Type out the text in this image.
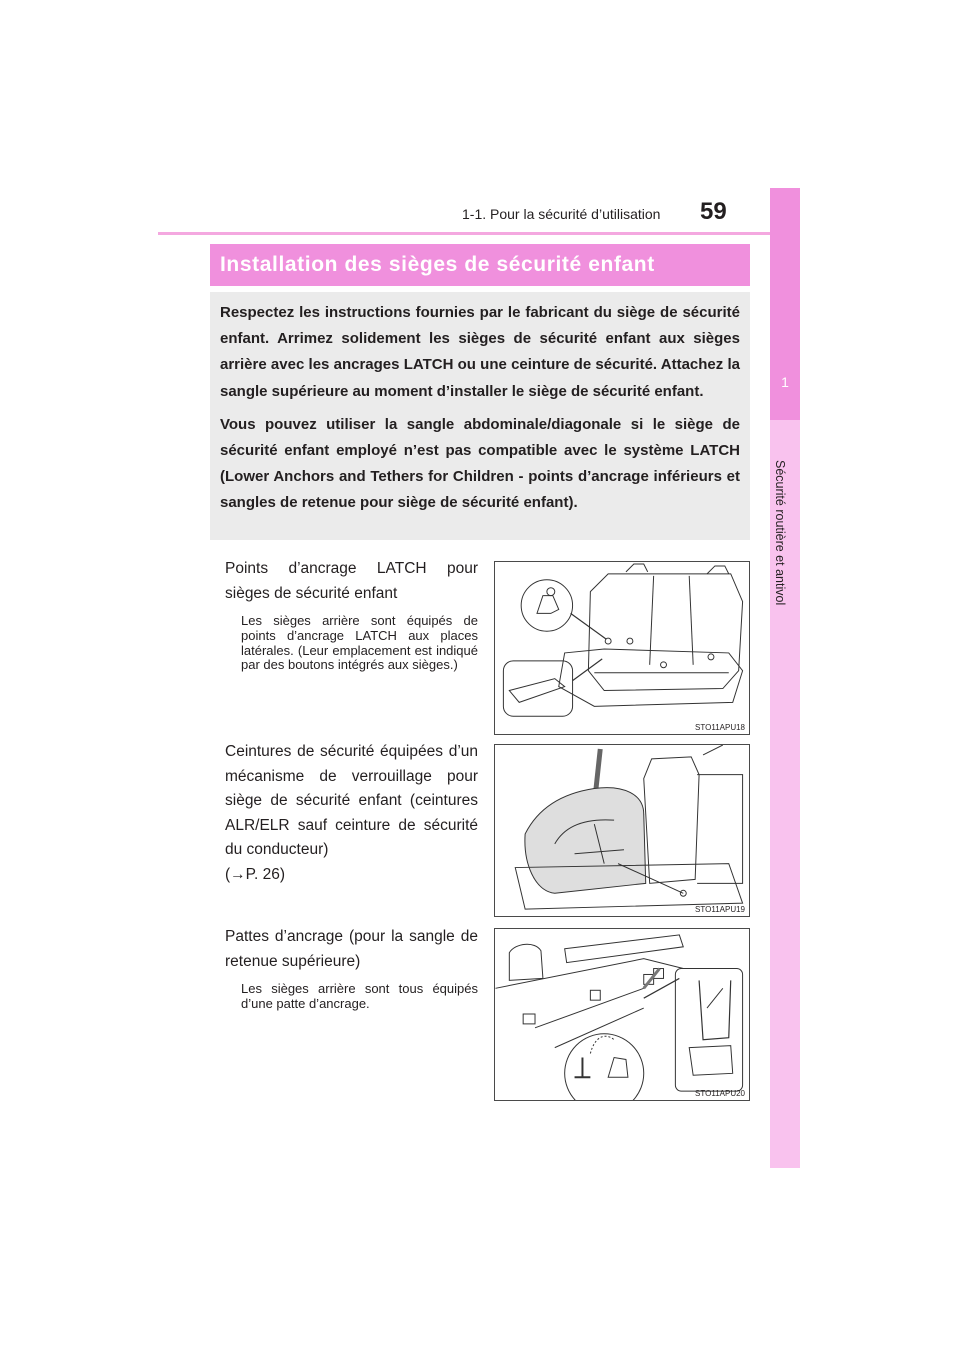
1-1. Pour la sécurité d’utilisation 59
1
Sécurité routière et antivol
Installation des sièges de sécurité enfant

Respectez les instructions fournies par le fabricant du siège de sécurité enfant. Arrimez solidement les sièges de sécurité enfant aux sièges arrière avec les ancrages LATCH ou une ceinture de sécurité. Attachez la sangle supérieure au moment d’installer le siège de sécurité enfant.

Vous pouvez utiliser la sangle abdominale/diagonale si le siège de sécurité enfant employé n’est pas compatible avec le système LATCH (Lower Anchors and Tethers for Children - points d’ancrage inférieurs et sangles de retenue pour siège de sécurité enfant).

Points d’ancrage LATCH pour sièges de sécurité enfant
Les sièges arrière sont équipés de points d’ancrage LATCH aux places latérales. (Leur emplacement est indiqué par des boutons intégrés aux sièges.)
Ceintures de sécurité équipées d’un mécanisme de verrouillage pour siège de sécurité enfant (ceintures ALR/ELR sauf ceinture de sécurité du conducteur)
(→P. 26)
Pattes d’ancrage (pour la sangle de retenue supérieure)
Les sièges arrière sont tous équipés d’une patte d’ancrage.
STO11APU18
STO11APU19
STO11APU20
